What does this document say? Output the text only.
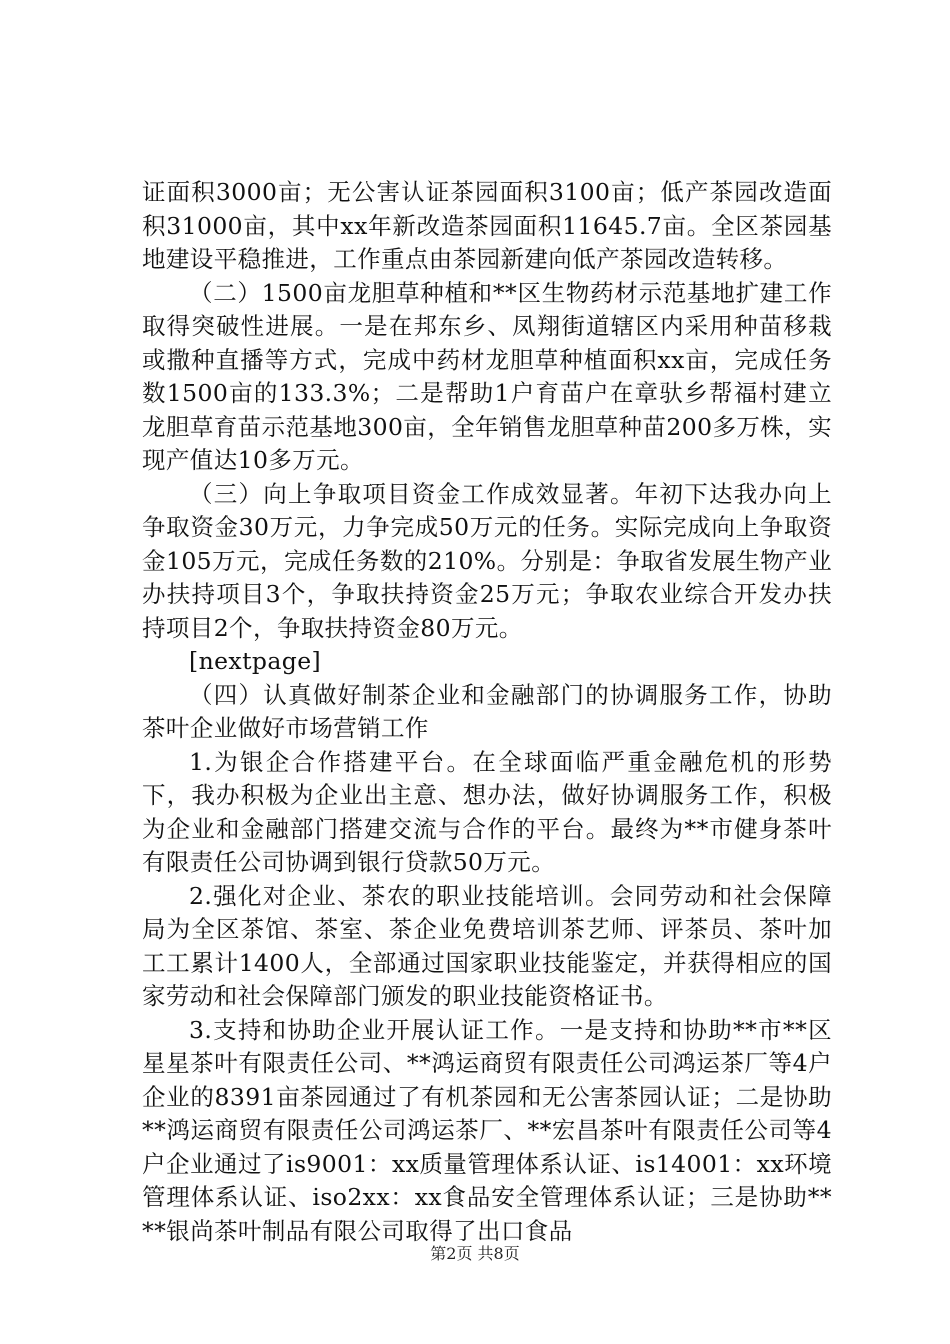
证面积3000亩；无公害认证茶园面积3100亩；低产茶园改造面积31000亩，其中xx年新改造茶园面积11645.7亩。全区茶园基地建设平稳推进，工作重点由茶园新建向低产茶园改造转移。

（二）1500亩龙胆草种植和**区生物药材示范基地扩建工作取得突破性进展。一是在邦东乡、凤翔街道辖区内采用种苗移栽或撒种直播等方式，完成中药材龙胆草种植面积xx亩，完成任务数1500亩的133.3%；二是帮助1户育苗户在章驮乡帮福村建立龙胆草育苗示范基地300亩，全年销售龙胆草种苗200多万株，实现产值达10多万元。

（三）向上争取项目资金工作成效显著。年初下达我办向上争取资金30万元，力争完成50万元的任务。实际完成向上争取资金105万元，完成任务数的210%。分别是：争取省发展生物产业办扶持项目3个，争取扶持资金25万元；争取农业综合开发办扶持项目2个，争取扶持资金80万元。

[nextpage]

（四）认真做好制茶企业和金融部门的协调服务工作，协助茶叶企业做好市场营销工作

1.为银企合作搭建平台。在全球面临严重金融危机的形势下，我办积极为企业出主意、想办法，做好协调服务工作，积极为企业和金融部门搭建交流与合作的平台。最终为**市健身茶叶有限责任公司协调到银行贷款50万元。

2.强化对企业、茶农的职业技能培训。会同劳动和社会保障局为全区茶馆、茶室、茶企业免费培训茶艺师、评茶员、茶叶加工工累计1400人，全部通过国家职业技能鉴定，并获得相应的国家劳动和社会保障部门颁发的职业技能资格证书。

3.支持和协助企业开展认证工作。一是支持和协助**市**区星星茶叶有限责任公司、**鸿运商贸有限责任公司鸿运茶厂等4户企业的8391亩茶园通过了有机茶园和无公害茶园认证；二是协助**鸿运商贸有限责任公司鸿运茶厂、**宏昌茶叶有限责任公司等4户企业通过了is9001：xx质量管理体系认证、is14001：xx环境管理体系认证、iso2xx：xx食品安全管理体系认证；三是协助****银尚茶叶制品有限公司取得了出口食品

第2页 共8页
